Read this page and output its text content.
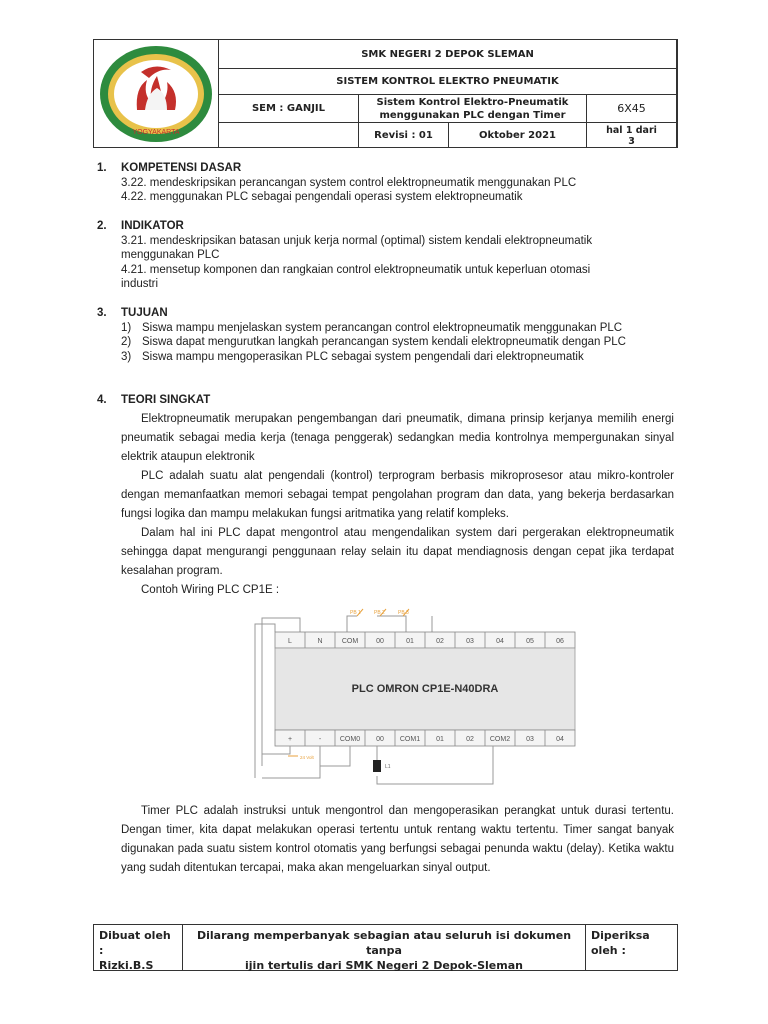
YOGYAKARTA
SMK NEGERI 2 DEPOK SLEMAN
SISTEM KONTROL ELEKTRO PNEUMATIK
SEM : GANJIL
Sistem Kontrol Elektro-Pneumatik
menggunakan PLC dengan Timer	6X45
Revisi : 01	Oktober 2021	hal 1 dari
3
1. KOMPETENSI DASAR
3.22. mendeskripsikan perancangan system control elektropneumatik menggunakan PLC
4.22. menggunakan PLC sebagai pengendali operasi system elektropneumatik
2. INDIKATOR
3.21. mendeskripsikan batasan unjuk kerja normal (optimal) sistem kendali elektropneumatik
menggunakan PLC
4.21. mensetup komponen dan rangkaian control elektropneumatik untuk keperluan otomasi
industri
3. TUJUAN
1) Siswa mampu menjelaskan system perancangan control elektropneumatik menggunakan PLC
2) Siswa dapat mengurutkan langkah perancangan system kendali elektropneumatik dengan PLC
3) Siswa mampu mengoperasikan PLC sebagai system pengendali dari elektropneumatik
4. TEORI SINGKAT

Elektropneumatik merupakan pengembangan dari pneumatik, dimana prinsip kerjanya memilih energi pneumatik sebagai media kerja (tenaga penggerak) sedangkan media kontrolnya mempergunakan sinyal elektrik ataupun elektronik

PLC adalah suatu alat pengendali (kontrol) terprogram berbasis mikroprosesor atau mikro-kontroler dengan memanfaatkan memori sebagai tempat pengolahan program dan data, yang bekerja berdasarkan fungsi logika dan mampu melakukan fungsi aritmatika yang relatif kompleks.

Dalam hal ini PLC dapat mengontrol atau mengendalikan system dari pergerakan elektropneumatik sehingga dapat mengurangi penggunaan relay selain itu dapat mendiagnosis dengan cepat jika terdapat kesalahan program.

Contoh Wiring PLC CP1E :

PB 1	PB 2	PB 3
L	N	COM	00	01	02	03	04	05	06
PLC OMRON CP1E-N40DRA
+	-	COM0 00 COM1 01	02 COM2 03	04
24 Volt
L1

Timer PLC adalah instruksi untuk mengontrol dan mengoperasikan perangkat untuk durasi tertentu. Dengan timer, kita dapat melakukan operasi tertentu untuk rentang waktu tertentu. Timer sangat banyak digunakan pada suatu sistem kontrol otomatis yang berfungsi sebagai penunda waktu (delay). Ketika waktu yang sudah ditentukan tercapai, maka akan mengeluarkan sinyal output.

Dibuat oleh :
Rizki.B.S
Dilarang memperbanyak sebagian atau seluruh isi dokumen tanpa
ijin tertulis dari SMK Negeri 2 Depok-Sleman
Diperiksa
oleh :
